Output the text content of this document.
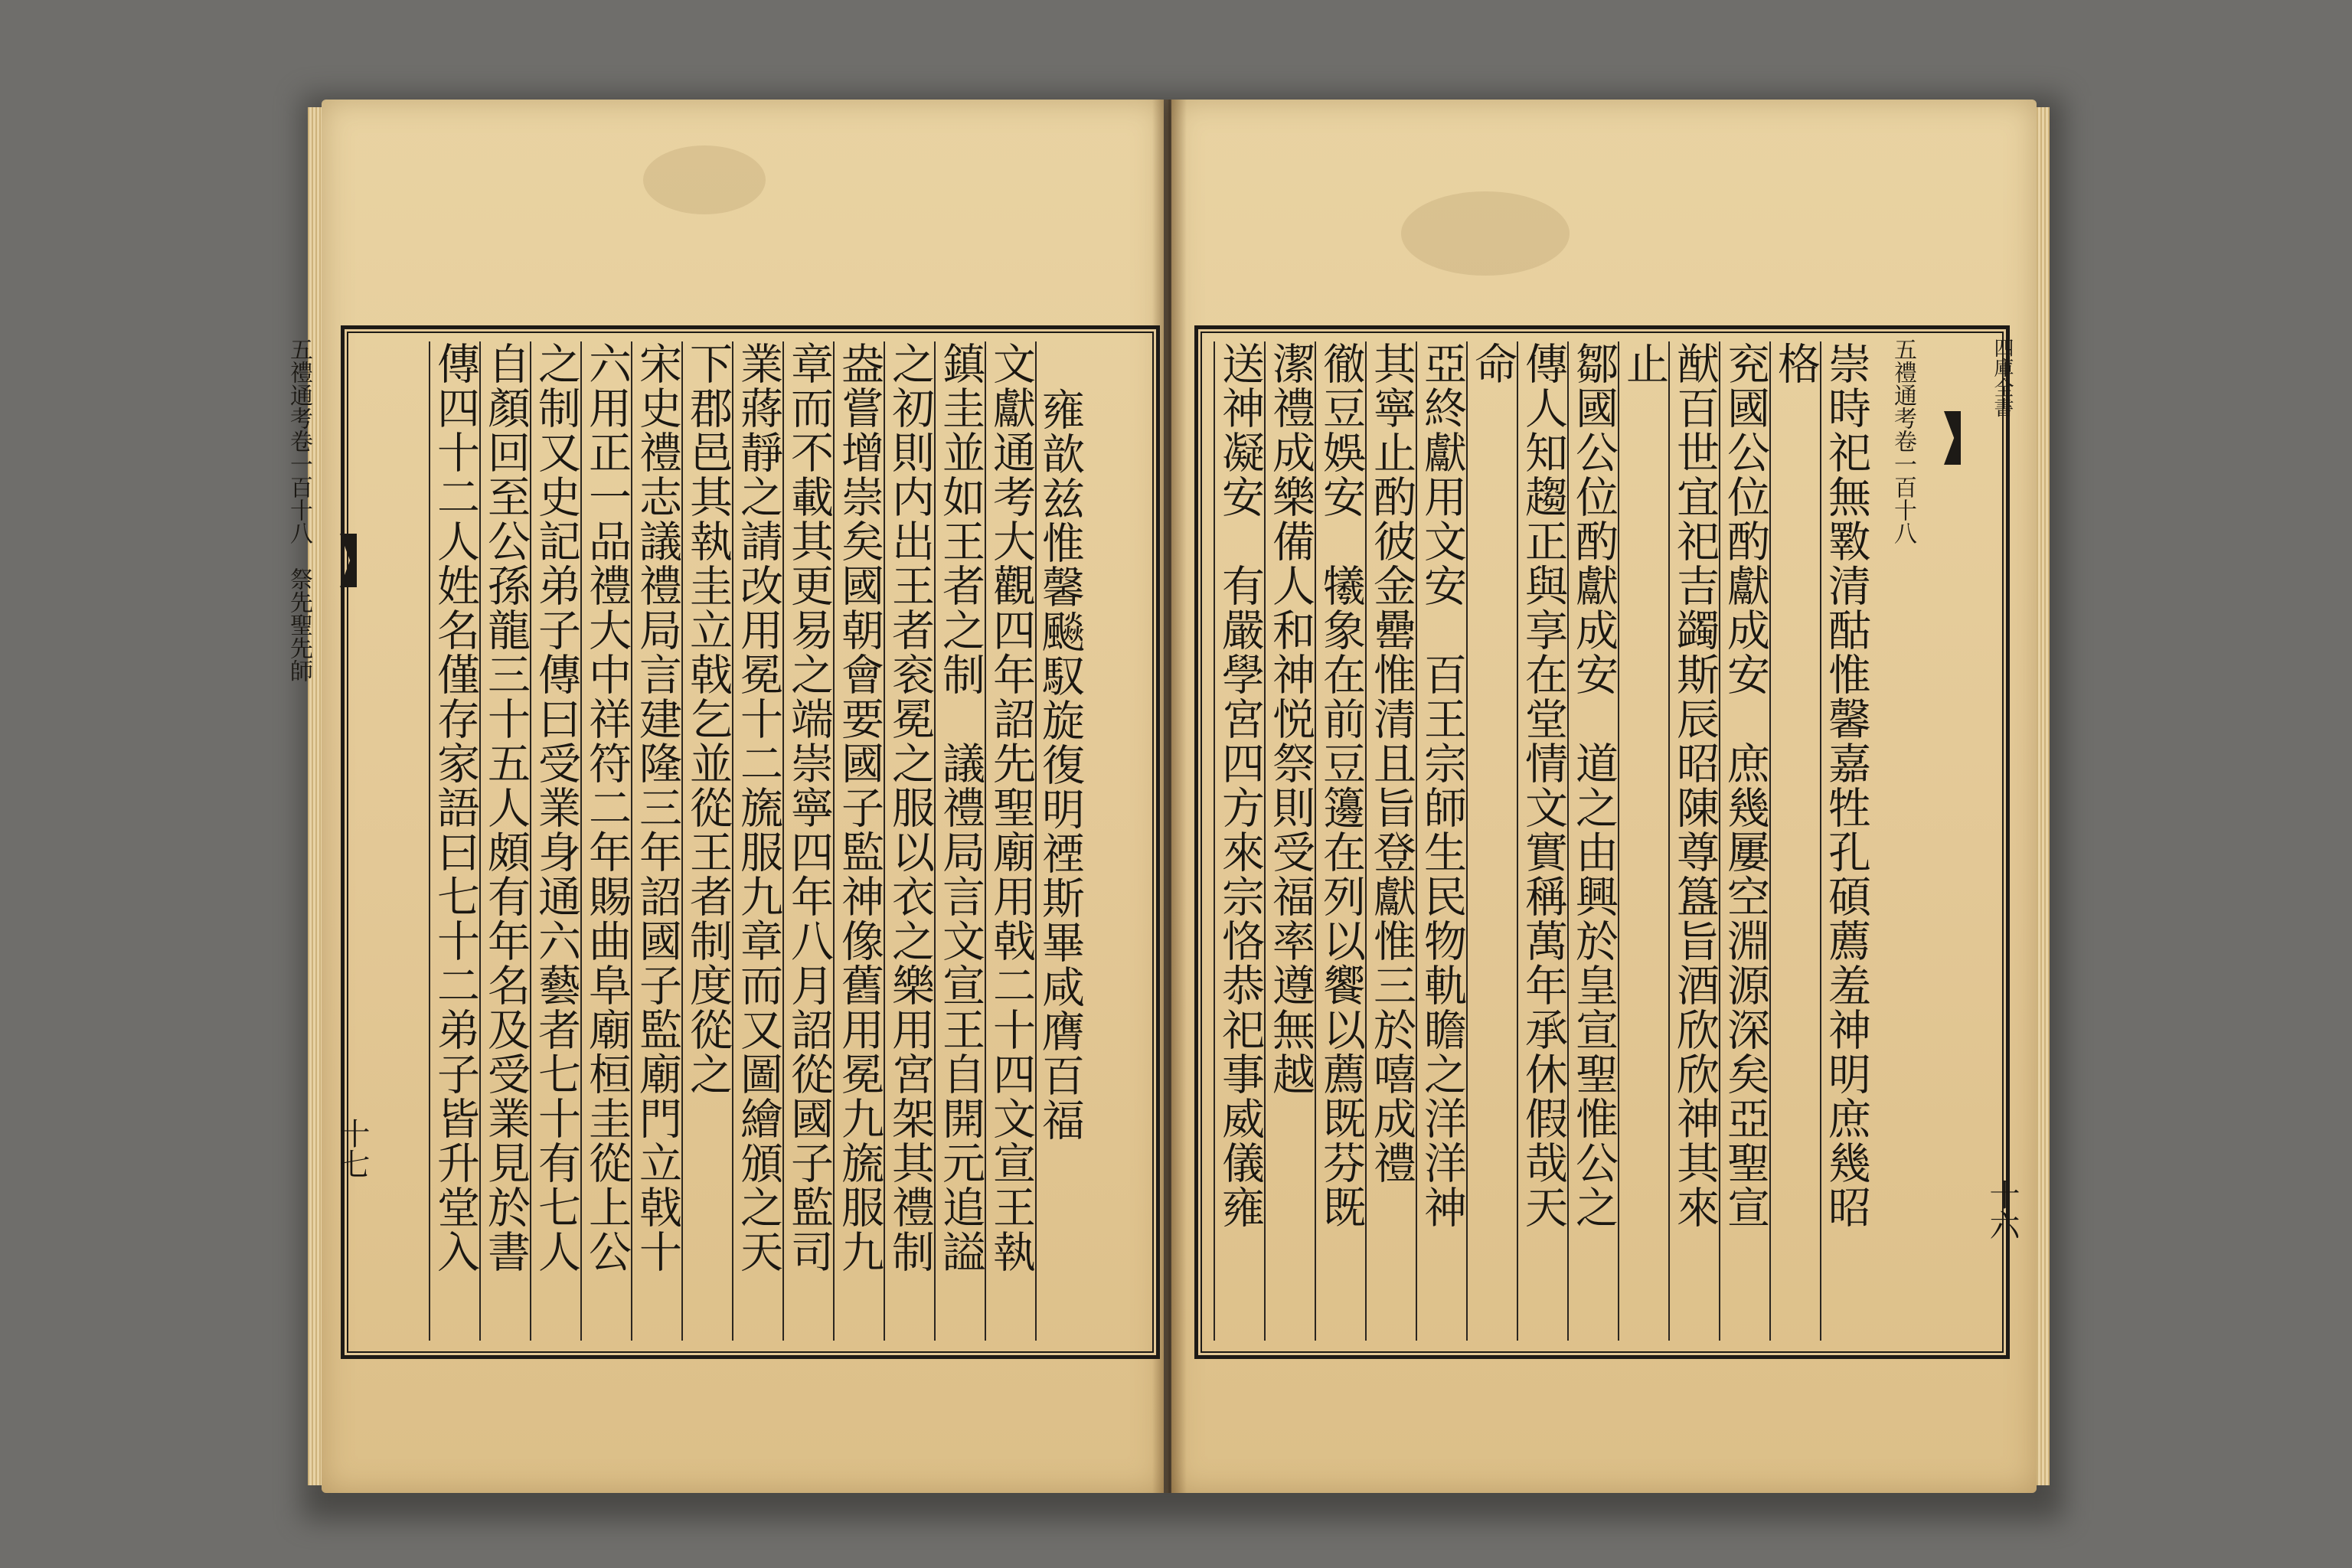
傳四十二人姓名僅存家語曰七十二弟子皆升堂入 自顏回至公孫龍三十五人頗有年名及受業見於書 之制又史記弟子傳曰受業身通六藝者七十有七人 六用正一品禮大中祥符二年賜曲阜廟桓圭從上公 宋史禮志議禮局言建隆三年詔國子監廟門立戟十 下郡邑其執圭立戟乞並從王者制度從之 業蔣靜之請改用冕十二旒服九章而又圖繪頒之天 章而不載其更易之端崇寧四年八月詔從國子監司 盎嘗增崇矣國朝會要國子監神像舊用冕九旒服九 之初則内出王者衮冕之服以衣之樂用宮架其禮制 鎮圭並如王者之制　議禮局言文宣王自開元追謚 文獻通考大觀四年詔先聖廟用戟二十四文宣王執 雍歆兹惟馨飈馭旋復明禋斯畢咸膺百福
五禮通考卷一百十八　祭先聖先師	送神凝安　有嚴學宮四方來宗恪恭祀事威儀雍 潔禮成樂備人和神悦祭則受福率遵無越 徹豆娛安　犧象在前豆籩在列以饗以薦既芬既 其寧止酌彼金罍惟清且旨登獻惟三於嘻成禮 亞終獻用文安　百王宗師生民物軌瞻之洋洋神 命 傳人知趨正與享在堂情文實稱萬年承休假哉天 鄒國公位酌獻成安　道之由興於皇宣聖惟公之 止 猷百世宜祀吉蠲斯辰昭陳尊簋旨酒欣欣神其來 兖國公位酌獻成安　庶幾屢空淵源深矣亞聖宣 格 崇時祀無斁清酤惟馨嘉牲孔碩薦羞神明庶幾昭	四庫全書
五禮通考卷一百十八
十六
十七
